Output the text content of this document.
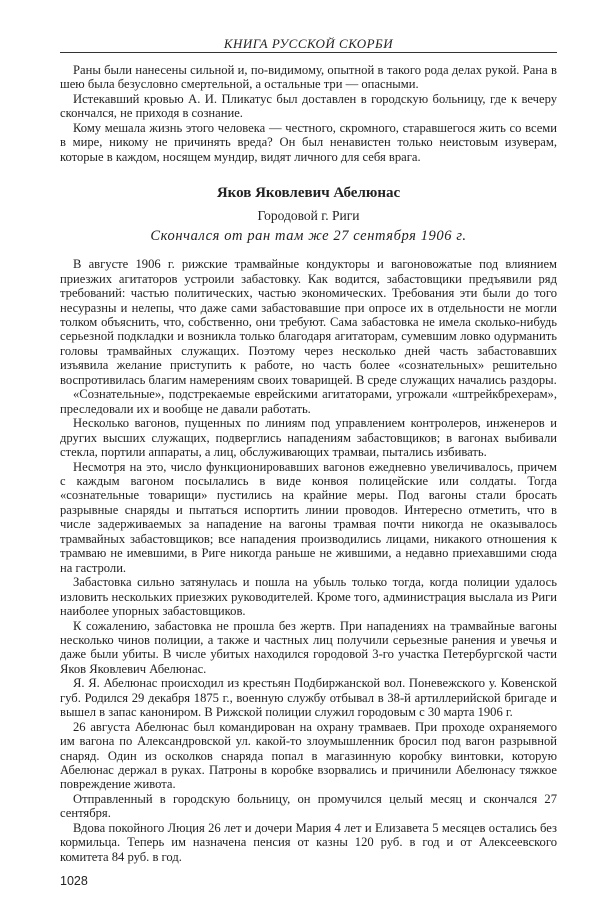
КНИГА РУССКОЙ СКОРБИ

Раны были нанесены сильной и, по-видимому, опытной в такого рода делах рукой. Рана в шею была безусловно смертельной, а остальные три — опасными.

Истекавший кровью А. И. Пликатус был доставлен в городскую больницу, где к вечеру скончался, не приходя в сознание.

Кому мешала жизнь этого человека — честного, скромного, старавшегося жить со всеми в мире, никому не причинять вреда? Он был ненавистен только неистовым изуверам, которые в каждом, носящем мундир, видят личного для себя врага.

Яков Яковлевич Абелюнас
Городовой г. Риги
Скончался от ран там же 27 сентября 1906 г.

В августе 1906 г. рижские трамвайные кондукторы и вагоновожатые под влиянием приезжих агитаторов устроили забастовку. Как водится, забастовщики предъявили ряд требований: частью политических, частью экономических. Требования эти были до того несуразны и нелепы, что даже сами забастовавшие при опросе их в отдельности не могли толком объяснить, что, собственно, они требуют. Сама забастовка не имела сколько-нибудь серьезной подкладки и возникла только благодаря агитаторам, сумевшим ловко одурманить головы трамвайных служащих. Поэтому через несколько дней часть забастовавших изъявила желание приступить к работе, но часть более «сознательных» решительно воспротивилась благим намерениям своих товарищей. В среде служащих начались раздоры.

«Сознательные», подстрекаемые еврейскими агитаторами, угрожали «штрейкбрехерам», преследовали их и вообще не давали работать.

Несколько вагонов, пущенных по линиям под управлением контролеров, инженеров и других высших служащих, подверглись нападениям забастовщиков; в вагонах выбивали стекла, портили аппараты, а лиц, обслуживающих трамваи, пытались избивать.

Несмотря на это, число функционировавших вагонов ежедневно увеличивалось, причем с каждым вагоном посылались в виде конвоя полицейские или солдаты. Тогда «сознательные товарищи» пустились на крайние меры. Под вагоны стали бросать разрывные снаряды и пытаться испортить линии проводов. Интересно отметить, что в числе задерживаемых за нападение на вагоны трамвая почти никогда не оказывалось трамвайных забастовщиков; все нападения производились лицами, никакого отношения к трамваю не имевшими, в Риге никогда раньше не жившими, а недавно приехавшими сюда на гастроли.

Забастовка сильно затянулась и пошла на убыль только тогда, когда полиции удалось изловить нескольких приезжих руководителей. Кроме того, администрация выслала из Риги наиболее упорных забастовщиков.

К сожалению, забастовка не прошла без жертв. При нападениях на трамвайные вагоны несколько чинов полиции, а также и частных лиц получили серьезные ранения и увечья и даже были убиты. В числе убитых находился городовой 3-го участка Петербургской части Яков Яковлевич Абелюнас.

Я. Я. Абелюнас происходил из крестьян Подбиржанской вол. Поневежского у. Ковенской губ. Родился 29 декабря 1875 г., военную службу отбывал в 38-й артиллерийской бригаде и вышел в запас канониром. В Рижской полиции служил городовым с 30 марта 1906 г.

26 августа Абелюнас был командирован на охрану трамваев. При проходе охраняемого им вагона по Александровской ул. какой-то злоумышленник бросил под вагон разрывной снаряд. Один из осколков снаряда попал в магазинную коробку винтовки, которую Абелюнас держал в руках. Патроны в коробке взорвались и причинили Абелюнасу тяжкое повреждение живота.

Отправленный в городскую больницу, он промучился целый месяц и скончался 27 сентября.

Вдова покойного Люция 26 лет и дочери Мария 4 лет и Елизавета 5 месяцев остались без кормильца. Теперь им назначена пенсия от казны 120 руб. в год и от Алексеевского комитета 84 руб. в год.

1028
